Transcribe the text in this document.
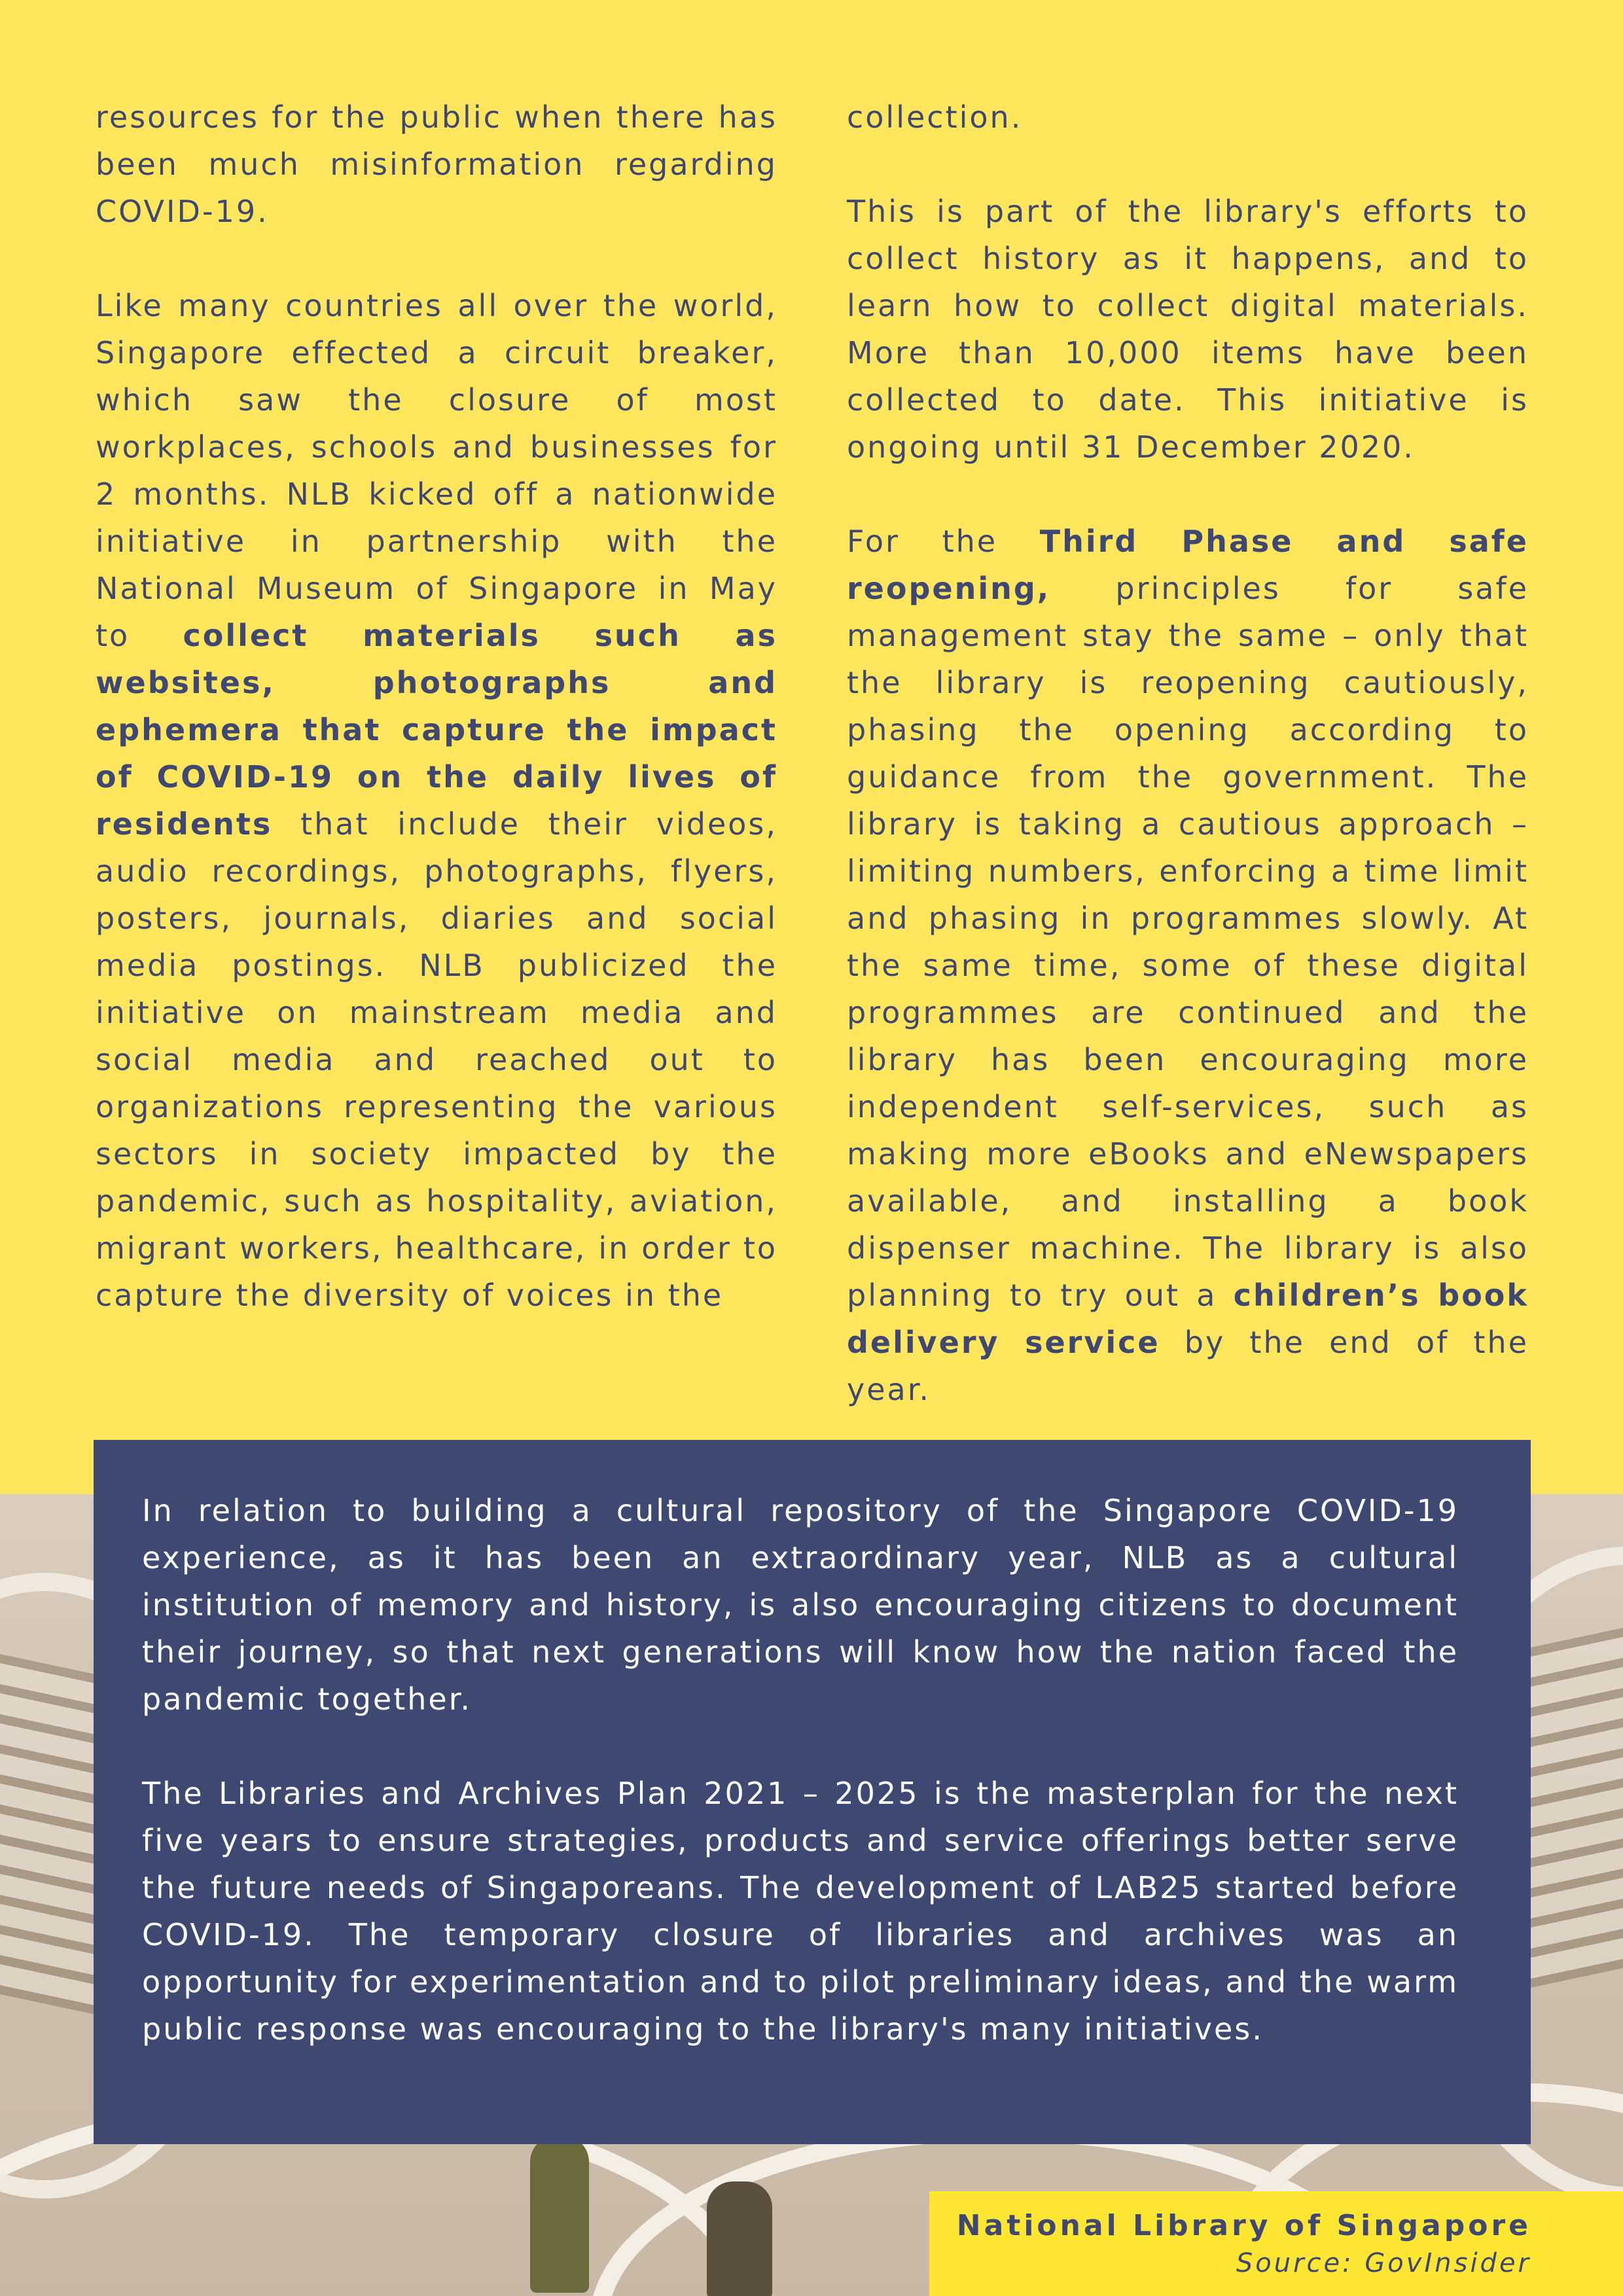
resources for the public when there has been much misinformation regarding COVID-19.

Like many countries all over the world, Singapore effected a circuit breaker, which saw the closure of most workplaces, schools and businesses for 2 months. NLB kicked off a nationwide initiative in partnership with the National Museum of Singapore in May to collect materials such as websites, photographs and ephemera that capture the impact of COVID-19 on the daily lives of residents that include their videos, audio recordings, photographs, flyers, posters, journals, diaries and social media postings. NLB publicized the initiative on mainstream media and social media and reached out to organizations representing the various sectors in society impacted by the pandemic, such as hospitality, aviation, migrant workers, healthcare, in order to capture the diversity of voices in the

collection.

This is part of the library's efforts to collect history as it happens, and to learn how to collect digital materials. More than 10,000 items have been collected to date. This initiative is ongoing until 31 December 2020.

For the Third Phase and safe reopening, principles for safe management stay the same – only that the library is reopening cautiously, phasing the opening according to guidance from the government. The library is taking a cautious approach – limiting numbers, enforcing a time limit and phasing in programmes slowly. At the same time, some of these digital programmes are continued and the library has been encouraging more independent self-services, such as making more eBooks and eNewspapers available, and installing a book dispenser machine. The library is also planning to try out a children’s book delivery service by the end of the year.

In relation to building a cultural repository of the Singapore COVID-19 experience, as it has been an extraordinary year, NLB as a cultural institution of memory and history, is also encouraging citizens to document their journey, so that next generations will know how the nation faced the pandemic together.

The Libraries and Archives Plan 2021 – 2025 is the masterplan for the next five years to ensure strategies, products and service offerings better serve the future needs of Singaporeans. The development of LAB25 started before COVID-19. The temporary closure of libraries and archives was an opportunity for experimentation and to pilot preliminary ideas, and the warm public response was encouraging to the library's many initiatives.

National Library of Singapore
Source: GovInsider
